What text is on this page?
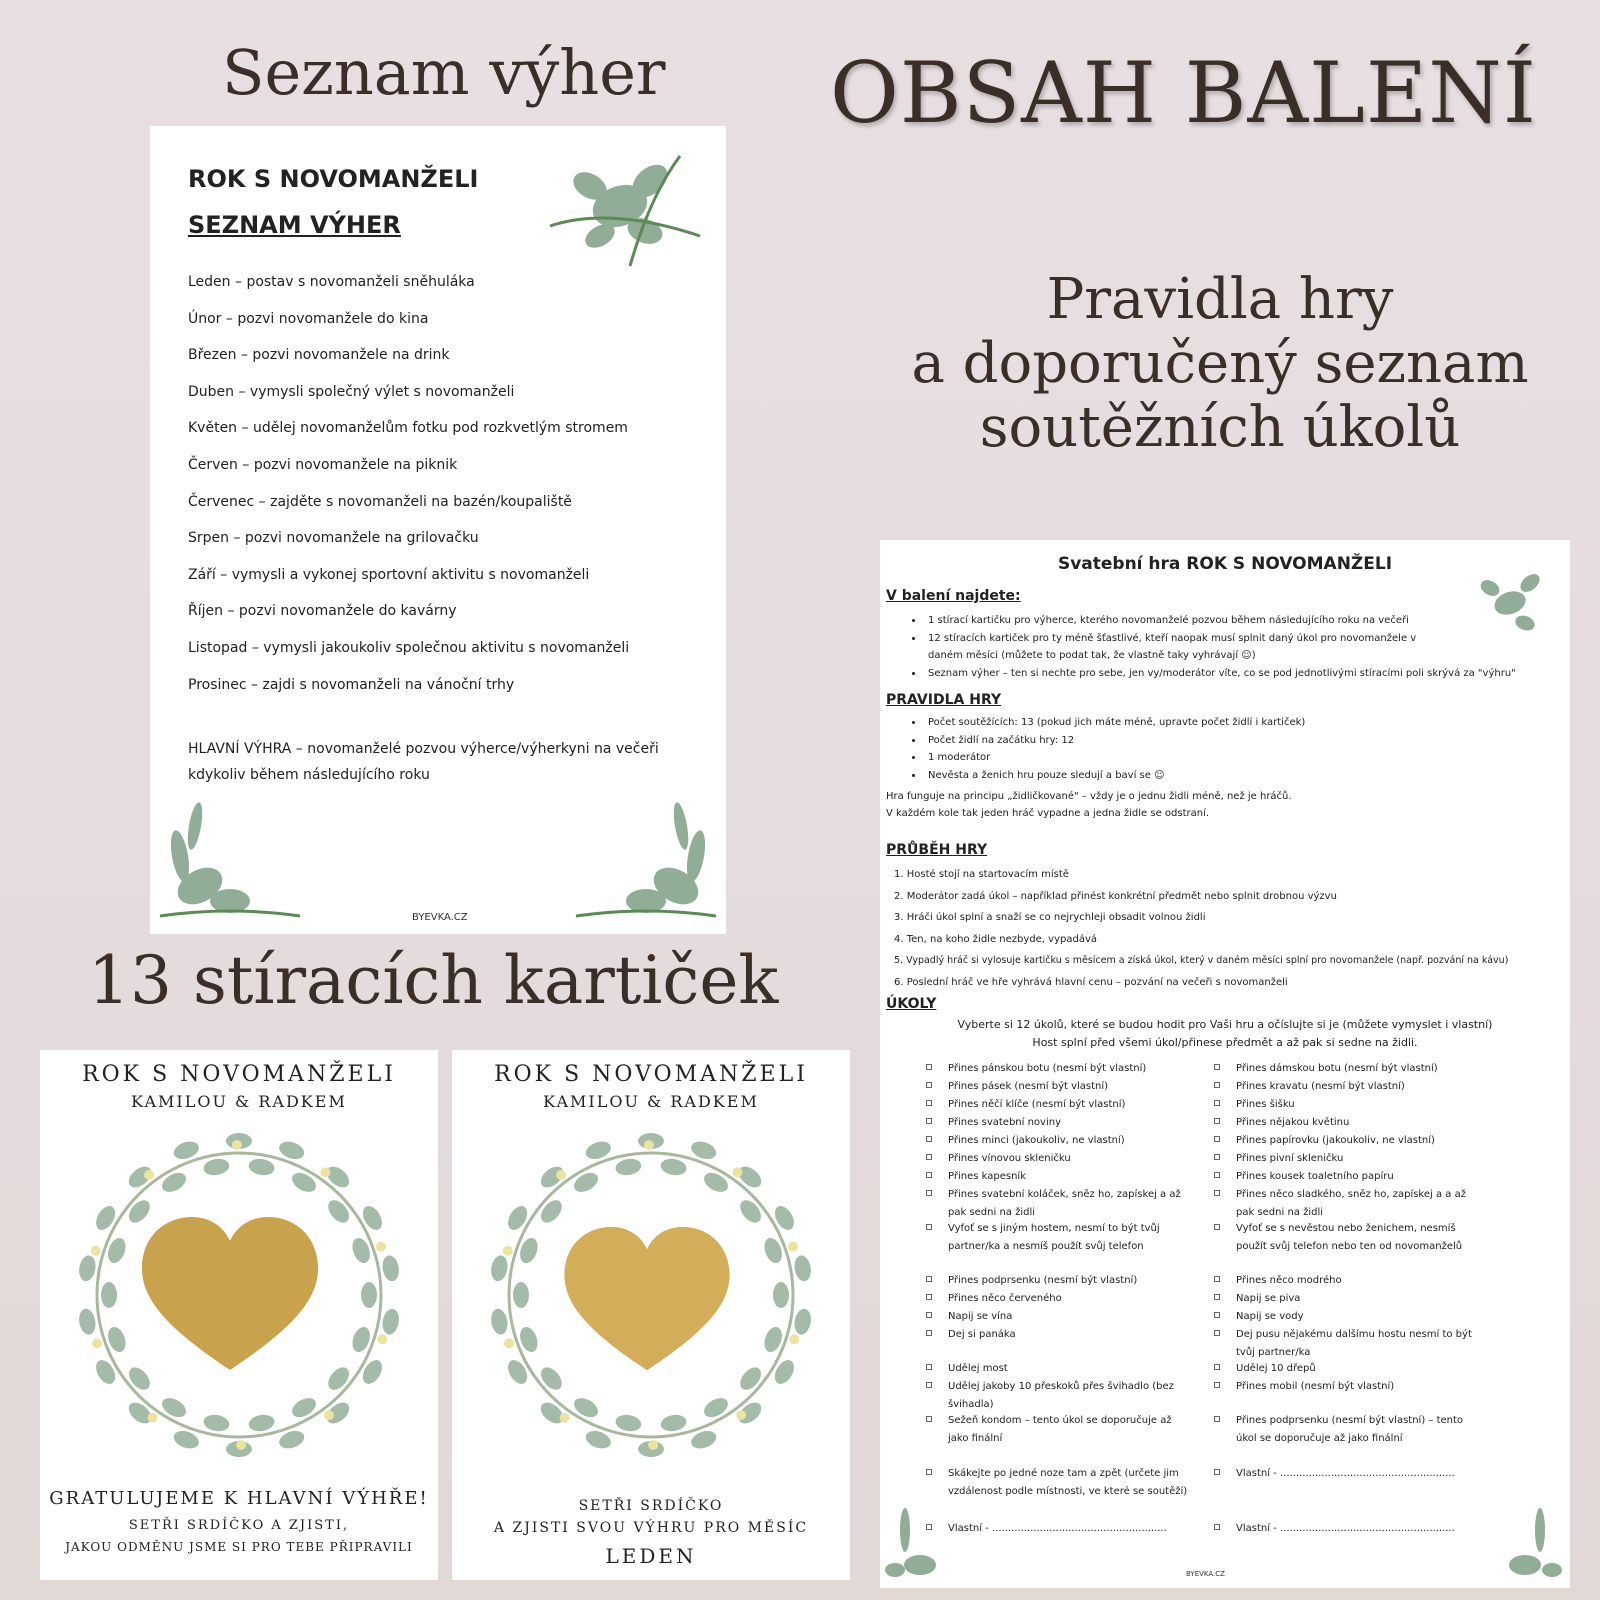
Seznam výher OBSAH BALENÍ
Pravidla hry
a doporučený seznam
soutěžních úkolů
13 stíracích kartiček
ROK S NOVOMANŽELI
SEZNAM VÝHER
Leden – postav s novomanželi sněhuláka
Únor – pozvi novomanžele do kina
Březen – pozvi novomanžele na drink
Duben – vymysli společný výlet s novomanželi
Květen – udělej novomanželům fotku pod rozkvetlým stromem
Červen – pozvi novomanžele na piknik
Červenec – zajděte s novomanželi na bazén/koupaliště
Srpen – pozvi novomanžele na grilovačku
Září – vymysli a vykonej sportovní aktivitu s novomanželi
Říjen – pozvi novomanžele do kavárny
Listopad – vymysli jakoukoliv společnou aktivitu s novomanželi
Prosinec – zajdi s novomanželi na vánoční trhy
HLAVNÍ VÝHRA – novomanželé pozvou výherce/výherkyni na večeři
kdykoliv během následujícího roku
BYEVKA.CZ
Svatební hra ROK S NOVOMANŽELI
V balení najdete:
• 1 stírací kartičku pro výherce, kterého novomanželé pozvou během následujícího roku na večeři
• 12 stíracích kartiček pro ty méně šťastlivé, kteří naopak musí splnit daný úkol pro novomanžele v daném měsíci (můžete to podat tak, že vlastně taky vyhrávají ☺)
• Seznam výher – ten si nechte pro sebe, jen vy/moderátor víte, co se pod jednotlivými stíracími poli skrývá za "výhru"
PRAVIDLA HRY
• Počet soutěžících: 13 (pokud jich máte méně, upravte počet židlí i kartiček)
• Počet židlí na začátku hry: 12
• 1 moderátor
• Nevěsta a ženich hru pouze sledují a baví se ☺
Hra funguje na principu „židličkované" – vždy je o jednu židli méně, než je hráčů.
V každém kole tak jeden hráč vypadne a jedna židle se odstraní.
PRŮBĚH HRY
1. Hosté stojí na startovacím místě
2. Moderátor zadá úkol – například přinést konkrétní předmět nebo splnit drobnou výzvu
3. Hráči úkol splní a snaží se co nejrychleji obsadit volnou židli
4. Ten, na koho židle nezbyde, vypadává
5. Vypadlý hráč si vylosuje kartičku s měsícem a získá úkol, který v daném měsíci splní pro novomanžele (např. pozvání na kávu)
6. Poslední hráč ve hře vyhrává hlavní cenu – pozvání na večeři s novomanželi
ÚKOLY
Vyberte si 12 úkolů, které se budou hodit pro Vaši hru a očíslujte si je (můžete vymyslet i vlastní)
Host splní před všemi úkol/přinese předmět a až pak si sedne na židli.
Přines pánskou botu (nesmí být vlastní)
Přines pásek (nesmí být vlastní)
Přines něčí klíče (nesmí být vlastní)
Přines svatební noviny
Přines minci (jakoukoliv, ne vlastní)
Přines vínovou skleničku
Přines kapesník
Přines svatební koláček, sněz ho, zapískej a až pak sedni na židli
Vyfoť se s jiným hostem, nesmí to být tvůj partner/ka a nesmíš použít svůj telefon
Přines podprsenku (nesmí být vlastní)
Přines něco červeného
Napij se vína
Dej si panáka
Udělej most
Udělej jakoby 10 přeskoků přes švihadlo (bez švihadla)
Sežeň kondom – tento úkol se doporučuje až jako finální
Skákejte po jedné noze tam a zpět (určete jim vzdálenost podle místnosti, ve které se soutěží)
Vlastní - .......................................................
Přines dámskou botu (nesmí být vlastní)
Přines kravatu (nesmí být vlastní)
Přines šišku
Přines nějakou květinu
Přines papírovku (jakoukoliv, ne vlastní)
Přines pivní skleničku
Přines kousek toaletního papíru
Přines něco sladkého, sněz ho, zapískej a a až pak sedni na židli
Vyfoť se s nevěstou nebo ženichem, nesmíš použít svůj telefon nebo ten od novomanželů
Přines něco modrého
Napij se piva
Napij se vody
Dej pusu nějakému dalšímu hostu nesmí to být tvůj partner/ka
Udělej 10 dřepů
Přines mobil (nesmí být vlastní)
Přines podprsenku (nesmí být vlastní) – tento úkol se doporučuje až jako finální
Vlastní - .......................................................
Vlastní - .......................................................
BYEVKA.CZ
ROK S NOVOMANŽELI
KAMILOU & RADKEM
GRATULUJEME K HLAVNÍ VÝHŘE!
SETŘI SRDÍČKO A ZJISTI,
JAKOU ODMĚNU JSME SI PRO TEBE PŘIPRAVILI
ROK S NOVOMANŽELI
KAMILOU & RADKEM
SETŘI SRDÍČKO
A ZJISTI SVOU VÝHRU PRO MĚSÍC
LEDEN
